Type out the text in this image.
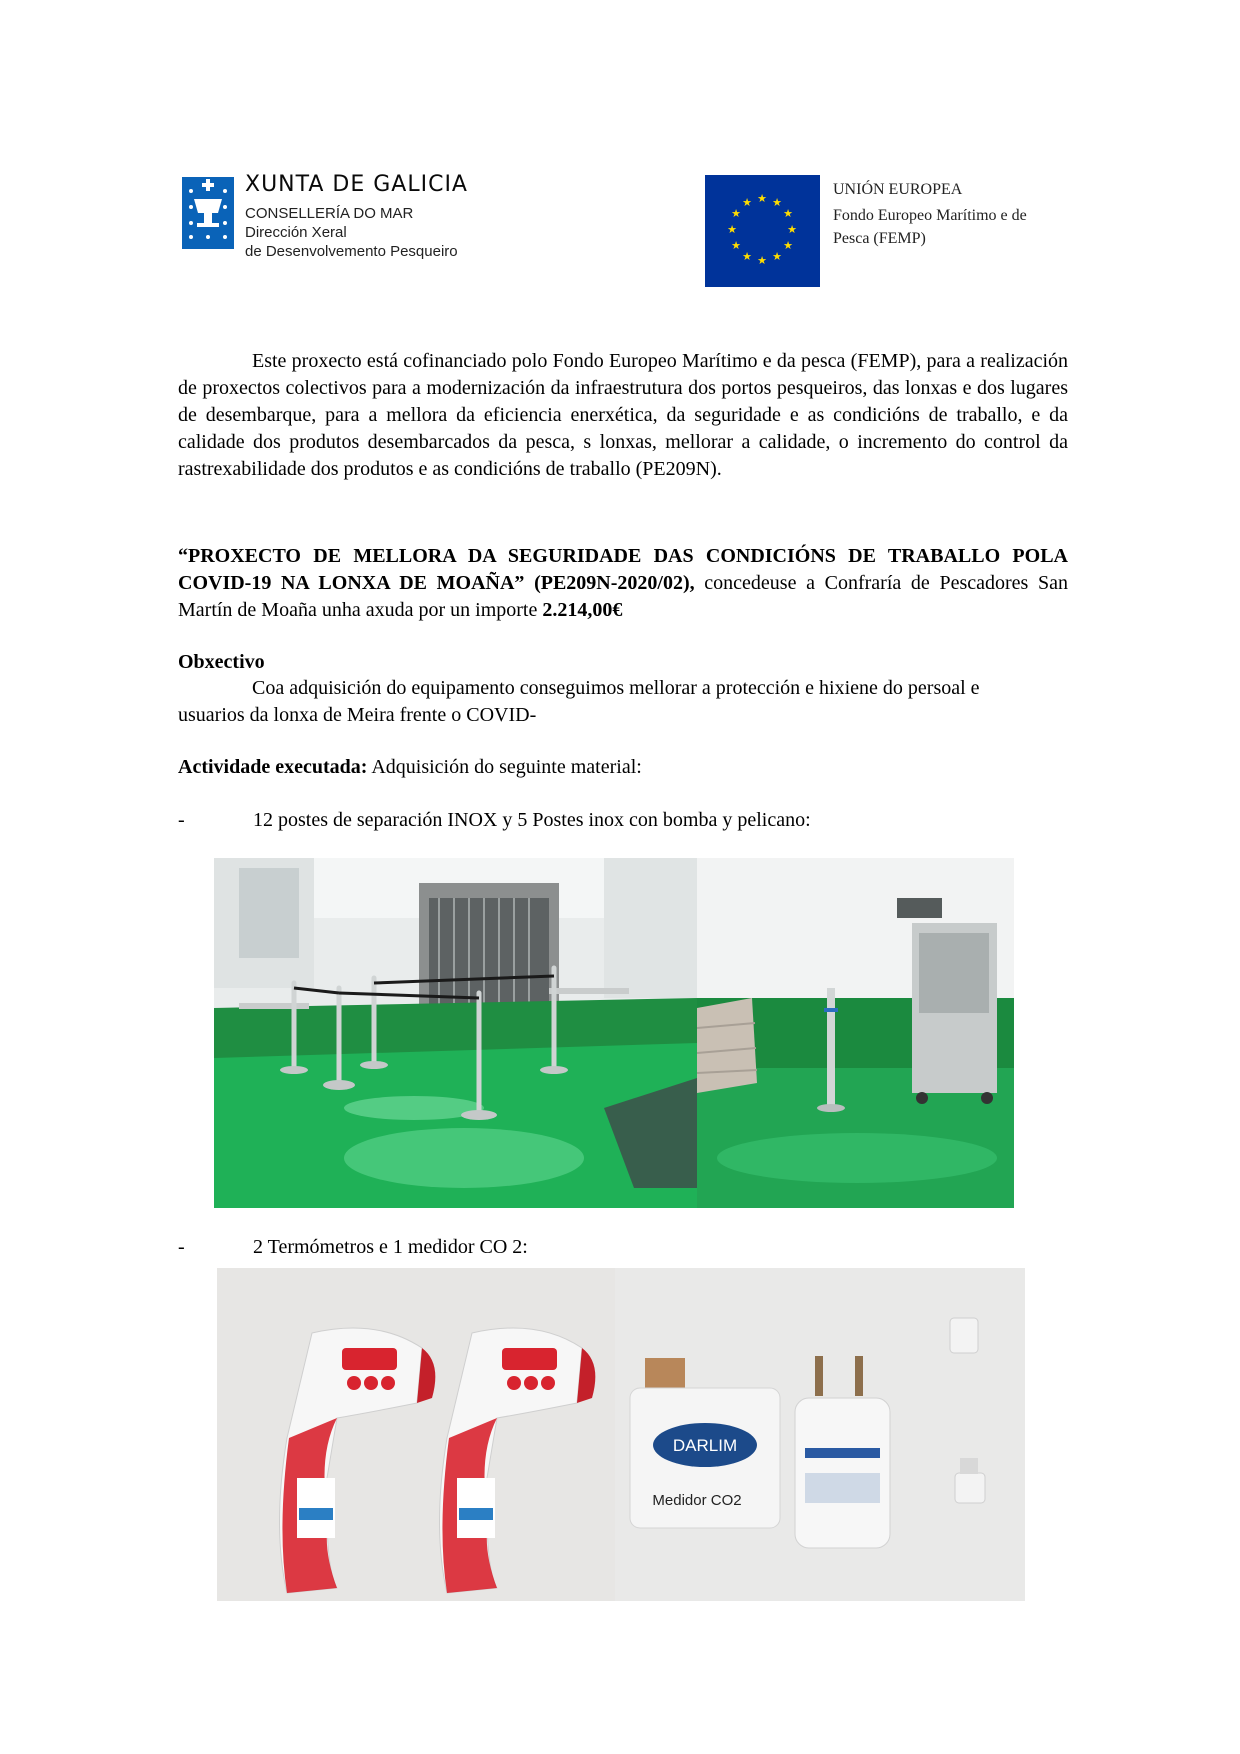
XUNTA DE GALICIA
CONSELLERÍA DO MAR
Dirección Xeral
de Desenvolvemento Pesqueiro
★ ★
★
★
★
★
★
★
★
★
★
★
UNIÓN EUROPEA
Fondo Europeo Marítimo e de
Pesca (FEMP)

Este proxecto está cofinanciado polo Fondo Europeo Marítimo e da pesca (FEMP), para a realización de proxectos colectivos para a modernización da infraestrutura dos portos pesqueiros, das lonxas e dos lugares de desembarque, para a mellora da eficiencia enerxética, da seguridade e as condicións de traballo, e da calidade dos produtos desembarcados da pesca, s lonxas, mellorar a calidade, o incremento do control da rastrexabilidade dos produtos e as condicións de traballo (PE209N).

“PROXECTO DE MELLORA DA SEGURIDADE DAS CONDICIÓNS DE TRABALLO POLA COVID-19 NA LONXA DE MOAÑA” (PE209N-2020/02), concedeuse a Confraría de Pescadores San Martín de Moaña unha axuda por un importe 2.214,00€

Obxectivo

Coa adquisición do equipamento conseguimos mellorar a protección e hixiene do persoal e usuarios da lonxa de Meira frente o COVID-

Actividade executada: Adquisición do seguinte material:
-	12 postes de separación INOX y 5 Postes inox con bomba y pelicano:
-	2 Termómetros e 1 medidor CO 2:
DARLIM
Medidor CO2
